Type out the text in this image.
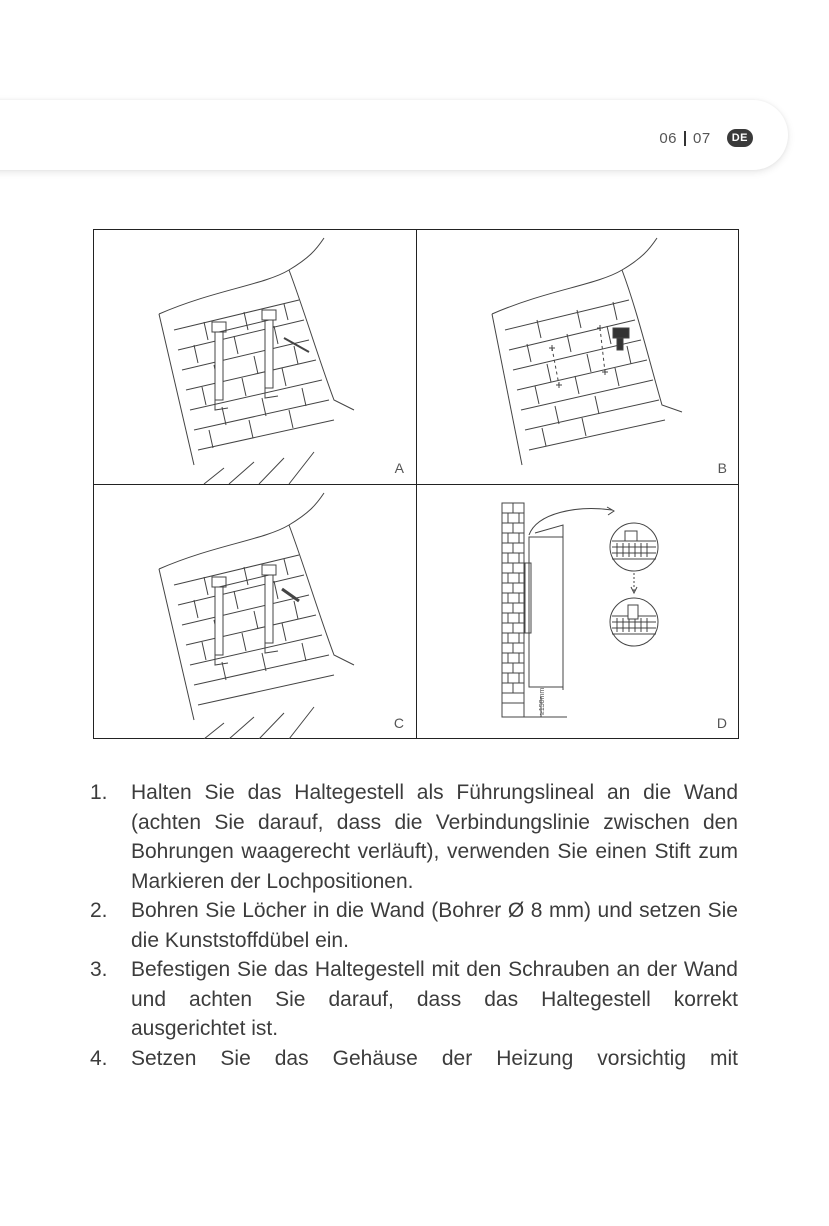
06 07	DE
A	B
C
≥150mm
D
1.	Halten Sie das Haltegestell als Führungslineal an die Wand (achten Sie darauf, dass die Verbindungslinie zwischen den Bohrungen waagerecht verläuft), verwenden Sie einen Stift zum Markieren der Lochpositionen.
2.	Bohren Sie Löcher in die Wand (Bohrer Ø 8 mm) und setzen Sie die Kunststoffdübel ein.
3.	Befestigen Sie das Haltegestell mit den Schrauben an der Wand und achten Sie darauf, dass das Haltegestell korrekt ausgerichtet ist.
4.	Setzen Sie das Gehäuse der Heizung vorsichtig mit
